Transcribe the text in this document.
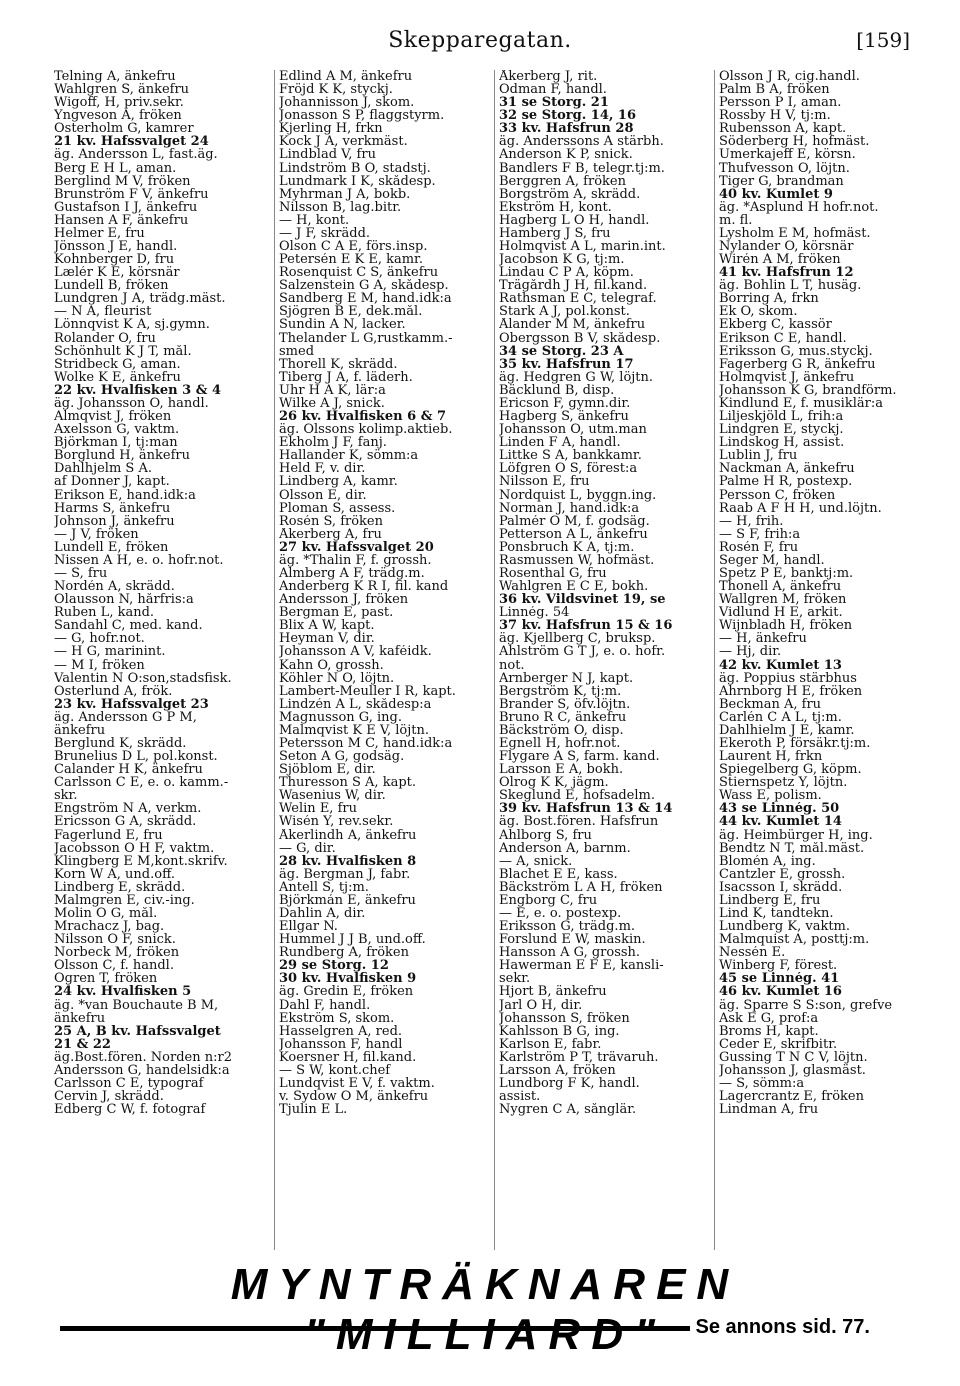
Skepparegatan.	[159]
Telning A, änkefru
Wahlgren S, änkefru
Wigoff, H, priv.sekr.
Yngveson A, fröken
Österholm G, kamrer
21 kv. Hafssvalget 24
äg. Andersson L, fast.äg.
Berg E H L, aman.
Berglind M V, fröken
Brunström F V, änkefru
Gustafson I J, änkefru
Hansen A F, änkefru
Helmer E, fru
Jönsson J E, handl.
Kohnberger D, fru
Lælér K E, körsnär
Lundell B, fröken
Lundgren J A, trädg.mäst.
— N A, fleurist
Lönnqvist K A, sj.gymn.
Rolander O, fru
Schönhult K J T, mål.
Stridbeck G, aman.
Wolke K E, änkefru
22 kv. Hvalfisken 3 & 4
äg. Johansson O, handl.
Almqvist J, fröken
Axelsson G, vaktm.
Björkman I, tj:man
Borglund H, änkefru
Dahlhjelm S A.
af Donner J, kapt.
Erikson E, hand.idk:a
Harms S, änkefru
Johnson J, änkefru
— J V, fröken
Lundell E, fröken
Nissen A H, e. o. hofr.not.
— S, fru
Nordén A, skrädd.
Olausson N, hårfris:a
Ruben L, kand.
Sandahl C, med. kand.
— G, hofr.not.
— H G, marinint.
— M I, fröken
Valentin N O:son,stadsfisk.
Österlund A, frök.
23 kv. Hafssvalget 23
äg. Andersson G P M,
änkefru
Berglund K, skrädd.
Brunelius D L, pol.konst.
Calander H K, änkefru
Carlsson C E, e. o. kamm.-
skr.
Engström N A, verkm.
Ericsson G A, skrädd.
Fagerlund E, fru
Jacobsson O H F, vaktm.
Klingberg E M,kont.skrifv.
Korn W A, und.off.
Lindberg E, skrädd.
Malmgren E, civ.-ing.
Molin O G, mål.
Mrachacz J, bag.
Nilsson O F, snick.
Norbeck M, fröken
Olsson C, f. handl.
Ögren T, fröken
24 kv. Hvalfisken 5
äg. *van Bouchaute B M,
änkefru
25 A, B kv. Hafssvalget
21 & 22
äg.Bost.fören. Norden n:r2
Andersson G, handelsidk:a
Carlsson C E, typograf
Cervin J, skrädd.
Edberg C W, f. fotograf
Edlind A M, änkefru
Fröjd K K, styckj.
Johannisson J, skom.
Jonasson S P, flaggstyrm.
Kjerling H, frkn
Kock J A, verkmäst.
Lindblad V, fru
Lindström B O, stadstj.
Lundmark I K, skådesp.
Myhrman J A, bokb.
Nilsson B, lag.bitr.
— H, kont.
— J F, skrädd.
Olson C A E, förs.insp.
Petersén E K E, kamr.
Rosenquist C S, änkefru
Salzenstein G A, skådesp.
Sandberg E M, hand.idk:a
Sjögren B E, dek.mål.
Sundin A N, lacker.
Thelander L G,rustkamm.-
smed
Thorell K, skrädd.
Tiberg J A, f. läderh.
Uhr H A K, lär:a
Wilke A J, snick.
26 kv. Hvalfisken 6 & 7
äg. Olssons kolimp.aktieb.
Ekholm J F, fanj.
Hallander K, sömm:a
Held F, v. dir.
Lindberg A, kamr.
Olsson E, dir.
Ploman S, assess.
Rosén S, fröken
Åkerberg A, fru
27 kv. Hafssvalget 20
äg. *Thalin F, f. grossh.
Almberg A F, trädg.m.
Anderberg K R I, fil. kand
Andersson J, fröken
Bergman E, past.
Blix A W, kapt.
Heyman V, dir.
Johansson A V, kaféidk.
Kahn O, grossh.
Köhler N O, löjtn.
Lambert-Meuller I R, kapt.
Lindzén A L, skådesp:a
Magnusson G, ing.
Malmqvist K E V, löjtn.
Petersson M C, hand.idk:a
Seton A G, godsäg.
Sjöblom E, dir.
Thuresson S A, kapt.
Wasenius W, dir.
Welin E, fru
Wisén Y, rev.sekr.
Åkerlindh A, änkefru
— G, dir.
28 kv. Hvalfisken 8
äg. Bergman J, fabr.
Antell S, tj:m.
Björkmán E, änkefru
Dahlin A, dir.
Ellgar N.
Hummel J J B, und.off.
Rundberg A, fröken
29 se Storg. 12
30 kv. Hvalfisken 9
äg. Gredin E, fröken
Dahl F, handl.
Ekström S, skom.
Hasselgren A, red.
Johansson F, handl
Koersner H, fil.kand.
— S W, kont.chef
Lundqvist E V, f. vaktm.
v. Sydow O M, änkefru
Tjulin E L.
Åkerberg J, rit.
Ödman F, handl.
31 se Storg. 21
32 se Storg. 14, 16
33 kv. Hafsfrun 28
äg. Anderssons A stärbh.
Anderson K P, snick.
Bandlers F B, telegr.tj:m.
Berggren A, fröken
Borgström A, skrädd.
Ekström H, kont.
Hagberg L O H, handl.
Hamberg J S, fru
Holmqvist A L, marin.int.
Jacobson K G, tj:m.
Lindau C P A, köpm.
Trägårdh J H, fil.kand.
Rathsman E C, telegraf.
Stark A J, pol.konst.
Ålander M M, änkefru
Öbergsson B V, skådesp.
34 se Storg. 23 A
35 kv. Hafsfrun 17
äg. Hedgren G W, löjtn.
Bäcklund B, disp.
Ericson F, gymn.dir.
Hagberg S, änkefru
Johansson O, utm.man
Linden F A, handl.
Littke S A, bankkamr.
Löfgren O S, förest:a
Nilsson E, fru
Nordquist L, byggn.ing.
Norman J, hand.idk:a
Palmér O M, f. godsäg.
Petterson A L, änkefru
Ponsbruch K A, tj:m.
Rasmussen W, hofmäst.
Rosenthal G, fru
Wahlgren E C E, bokh.
36 kv. Vildsvinet 19, se
Linnég. 54
37 kv. Hafsfrun 15 & 16
äg. Kjellberg C, bruksp.
Ahlström G T J, e. o. hofr.
not.
Arnberger N J, kapt.
Bergström K, tj:m.
Brander S, öfv.löjtn.
Bruno R C, änkefru
Bäckström O, disp.
Egnell H, hofr.not.
Flygare A S, farm. kand.
Larsson E A, bokh.
Olrog K K, jägm.
Skeglund E, hofsadelm.
39 kv. Hafsfrun 13 & 14
äg. Bost.fören. Hafsfrun
Ahlborg S, fru
Anderson A, barnm.
— A, snick.
Blachet E E, kass.
Bäckström L A H, fröken
Engborg C, fru
— E, e. o. postexp.
Eriksson G, trädg.m.
Forslund E W, maskin.
Hansson A G, grossh.
Hawerman E F E, kansli-
sekr.
Hjort B, änkefru
Jarl O H, dir.
Johansson S, fröken
Kahlsson B G, ing.
Karlson E, fabr.
Karlström P T, trävaruh.
Larsson A, fröken
Lundborg F K, handl.
assist.
Nygren C A, sånglär.
Olsson J R, cig.handl.
Palm B A, fröken
Persson P I, aman.
Rossby H V, tj:m.
Rubensson A, kapt.
Söderberg H, hofmäst.
Umerkajeff E, körsn.
Thufvesson O, löjtn.
Tiger G, brandman
40 kv. Kumlet 9
äg. *Asplund H hofr.not.
m. fl.
Lysholm E M, hofmäst.
Nylander O, körsnär
Wirén A M, fröken
41 kv. Hafsfrun 12
äg. Bohlin L T, husäg.
Borring A, frkn
Ek O, skom.
Ekberg C, kassör
Erikson C E, handl.
Eriksson G, mus.styckj.
Fagerberg G R, änkefru
Holmqvist J, änkefru
Johansson K G, brandförm.
Kindlund E, f. musiklär:a
Liljeskjöld L, frih:a
Lindgren E, styckj.
Lindskog H, assist.
Lublin J, fru
Nackman A, änkefru
Palme H R, postexp.
Persson C, fröken
Raab A F H H, und.löjtn.
— H, frih.
— S F, frih:a
Rosén F, fru
Seger M, handl.
Spetz P E, banktj:m.
Thonell A, änkefru
Wallgren M, fröken
Vidlund H E, arkit.
Wijnbladh H, fröken
— H, änkefru
— Hj, dir.
42 kv. Kumlet 13
äg. Poppius stärbhus
Ahrnborg H E, fröken
Beckman A, fru
Carlén C A L, tj:m.
Dahlhielm J E, kamr.
Ekeroth P, försäkr.tj:m.
Laurent H, frkn
Spiegelberg G, köpm.
Stiernspetz Y, löjtn.
Wass E, polism.
43 se Linnég. 50
44 kv. Kumlet 14
äg. Heimbürger H, ing.
Bendtz N T, mål.mäst.
Blomén A, ing.
Cantzler E, grossh.
Isacsson I, skrädd.
Lindberg E, fru
Lind K, tandtekn.
Lundberg K, vaktm.
Malmquist A, posttj:m.
Nessén E.
Winberg F, förest.
45 se Linnég. 41
46 kv. Kumlet 16
äg. Sparre S S:son, grefve
Ask E G, prof:a
Broms H, kapt.
Ceder E, skrifbitr.
Gussing T N C V, löjtn.
Johansson J, glasmäst.
— S, sömm:a
Lagercrantz E, fröken
Lindman A, fru
MYNTRÄKNAREN "MILLIARD"	Se annons sid. 77.
